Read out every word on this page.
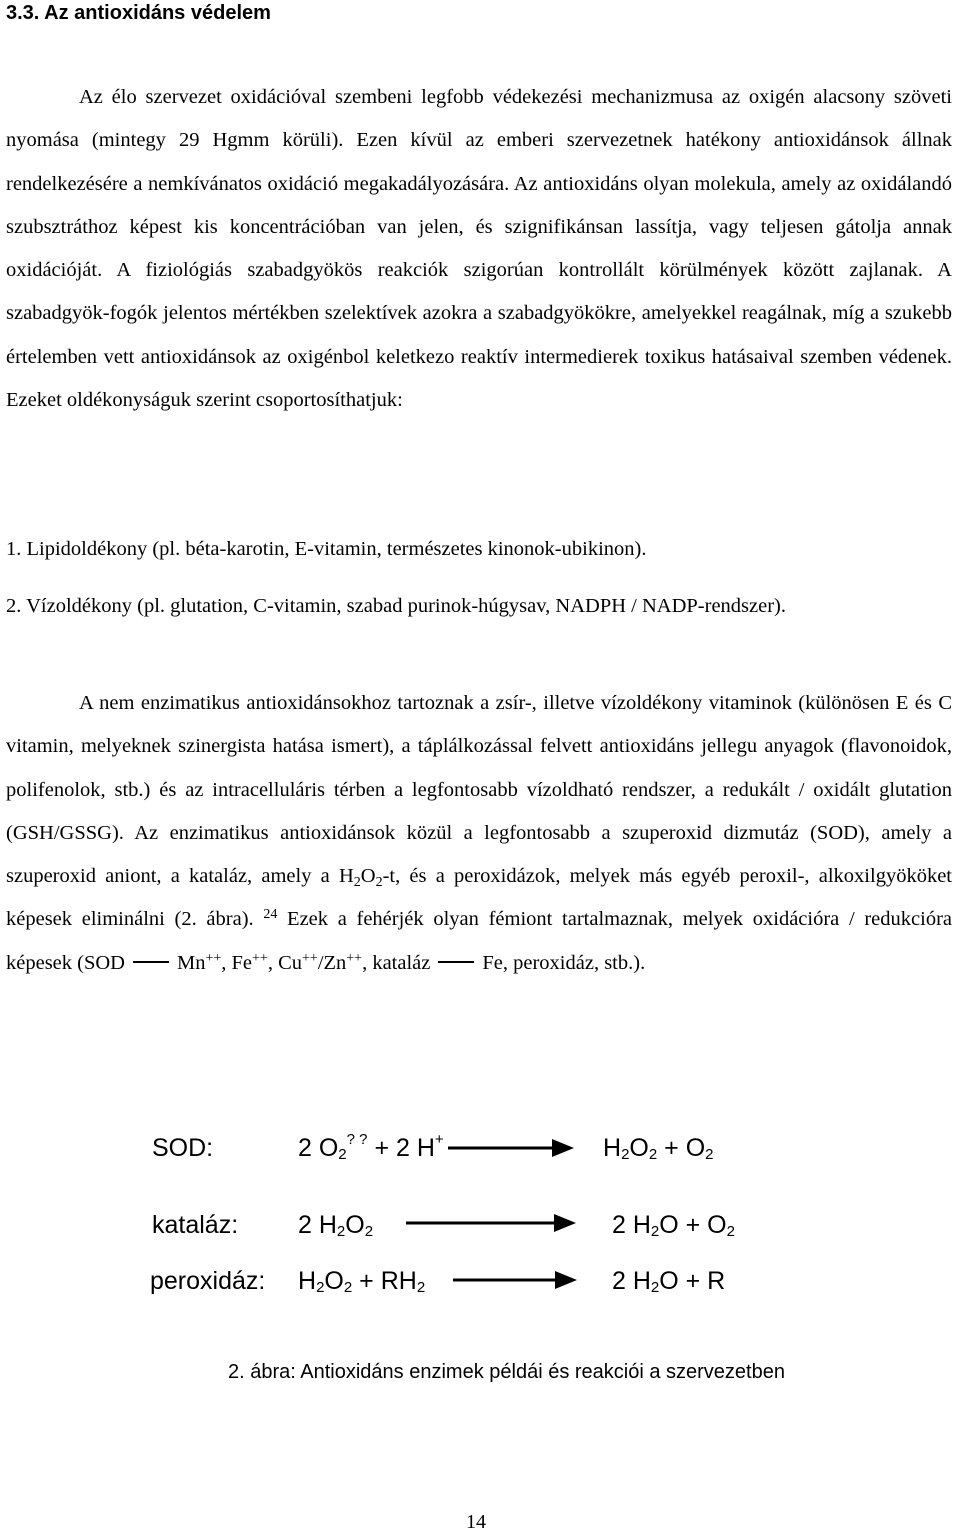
3.3. Az antioxidáns védelem

Az élo szervezet oxidációval szembeni legfobb védekezési mechanizmusa az oxigén alacsony szöveti nyomása (mintegy 29 Hgmm körüli). Ezen kívül az emberi szervezetnek hatékony antioxidánsok állnak rendelkezésére a nemkívánatos oxidáció megakadályozására. Az antioxidáns olyan molekula, amely az oxidálandó szubsztráthoz képest kis koncentrációban van jelen, és szignifikánsan lassítja, vagy teljesen gátolja annak oxidációját. A fiziológiás szabadgyökös reakciók szigorúan kontrollált körülmények között zajlanak. A szabadgyök-fogók jelentos mértékben szelektívek azokra a szabadgyökökre, amelyekkel reagálnak, míg a szukebb értelemben vett antioxidánsok az oxigénbol keletkezo reaktív intermedierek toxikus hatásaival szemben védenek. Ezeket oldékonyságuk szerint csoportosíthatjuk:

1. Lipidoldékony (pl. béta-karotin, E-vitamin, természetes kinonok-ubikinon).

2. Vízoldékony (pl. glutation, C-vitamin, szabad purinok-húgysav, NADPH / NADP-rendszer).

A nem enzimatikus antioxidánsokhoz tartoznak a zsír-, illetve vízoldékony vitaminok (különösen E és C vitamin, melyeknek szinergista hatása ismert), a táplálkozással felvett antioxidáns jellegu anyagok (flavonoidok, polifenolok, stb.) és az intracelluláris térben a legfontosabb vízoldható rendszer, a redukált / oxidált glutation (GSH/GSSG). Az enzimatikus antioxidánsok közül a legfontosabb a szuperoxid dizmutáz (SOD), amely a szuperoxid aniont, a kataláz, amely a $H_2O_2-t$, és a peroxidázok, melyek más egyéb peroxil-, alkoxilgyököket képesek eliminálni (2. ábra). $^{24}$ Ezek a fehérjék olyan fémiont tartalmaznak, melyek oxidációra / redukcióra képesek (SOD	Mn++, Fe++, Cu++/Zn++, kataláz	Fe, peroxidáz, stb.).

SOD:	2 O2? ? + 2 H+	H2O2 + O2
kataláz: 2 H2O2	2 H2O + O2
peroxidáz: H2O2 + RH2	2 H2O + R
2. ábra: Antioxidáns enzimek példái és reakciói a szervezetben
14
